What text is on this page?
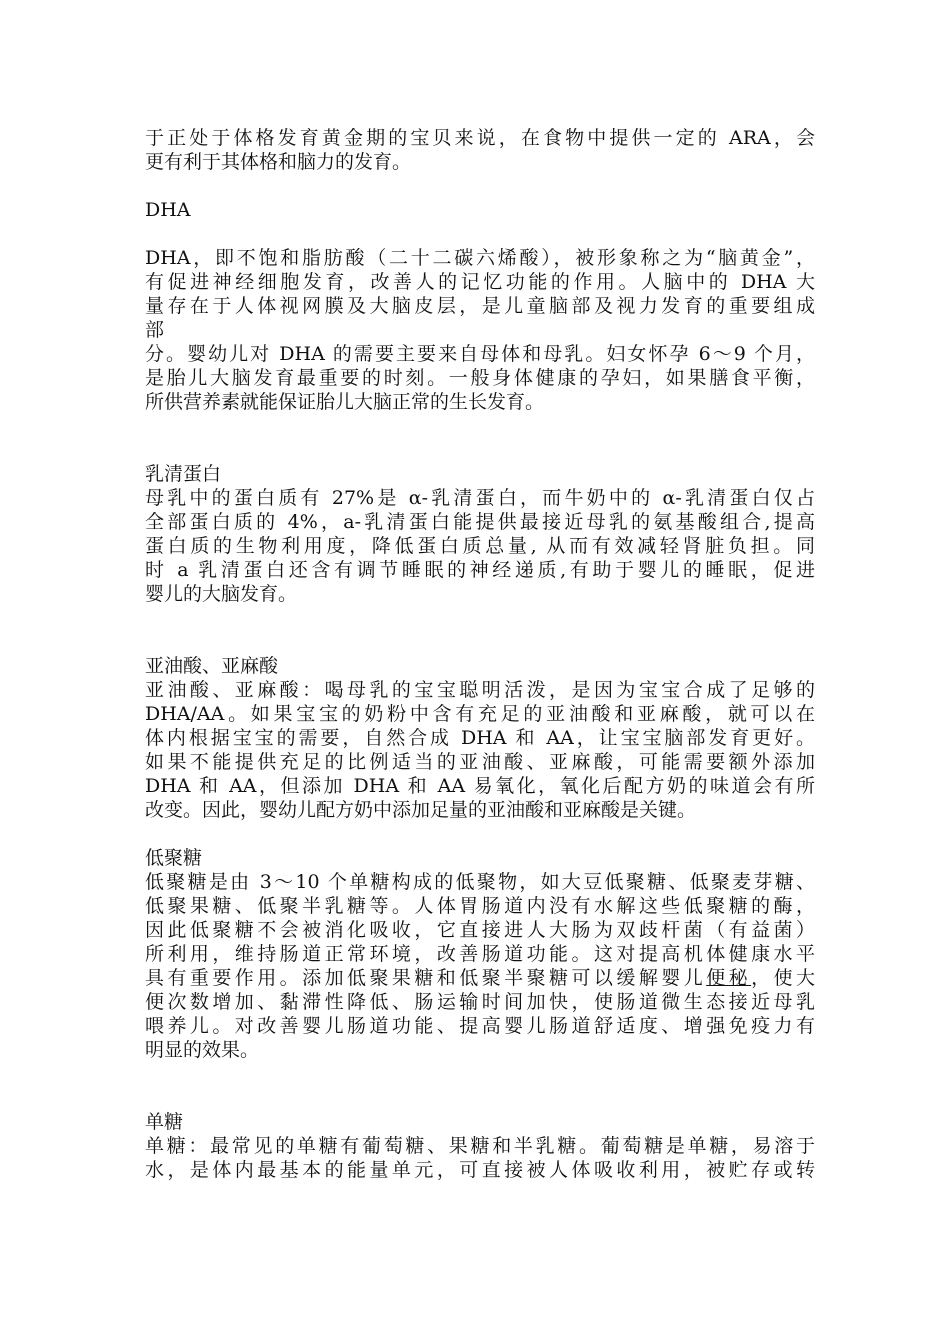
于正处于体格发育黄金期的宝贝来说，在食物中提供一定的 ARA，会
更有利于其体格和脑力的发育。
DHA
DHA，即不饱和脂肪酸（二十二碳六烯酸），被形象称之为“脑黄金”，
有促进神经细胞发育，改善人的记忆功能的作用。人脑中的 DHA 大
量存在于人体视网膜及大脑皮层，是儿童脑部及视力发育的重要组成
部
分。婴幼儿对 DHA 的需要主要来自母体和母乳。妇女怀孕 6～9 个月，
是胎儿大脑发育最重要的时刻。一般身体健康的孕妇，如果膳食平衡，
所供营养素就能保证胎儿大脑正常的生长发育。
乳清蛋白
母乳中的蛋白质有 27%是 α-乳清蛋白，而牛奶中的 α-乳清蛋白仅占
全部蛋白质的 4%，a-乳清蛋白能提供最接近母乳的氨基酸组合,提高
蛋白质的生物利用度，降低蛋白质总量, 从而有效减轻肾脏负担。同
时 a 乳清蛋白还含有调节睡眠的神经递质,有助于婴儿的睡眠，促进
婴儿的大脑发育。
亚油酸、亚麻酸
亚油酸、亚麻酸：喝母乳的宝宝聪明活泼，是因为宝宝合成了足够的
DHA/AA。如果宝宝的奶粉中含有充足的亚油酸和亚麻酸，就可以在
体内根据宝宝的需要，自然合成 DHA 和 AA，让宝宝脑部发育更好。
如果不能提供充足的比例适当的亚油酸、亚麻酸，可能需要额外添加
DHA 和 AA，但添加 DHA 和 AA 易氧化，氧化后配方奶的味道会有所
改变。因此，婴幼儿配方奶中添加足量的亚油酸和亚麻酸是关键。
低聚糖
低聚糖是由 3～10 个单糖构成的低聚物，如大豆低聚糖、低聚麦芽糖、
低聚果糖、低聚半乳糖等。人体胃肠道内没有水解这些低聚糖的酶，
因此低聚糖不会被消化吸收，它直接进人大肠为双歧杆菌（有益菌）
所利用，维持肠道正常环境，改善肠道功能。这对提高机体健康水平
具有重要作用。添加低聚果糖和低聚半聚糖可以缓解婴儿便秘，使大
便次数增加、黏滞性降低、肠运输时间加快，使肠道微生态接近母乳
喂养儿。对改善婴儿肠道功能、提高婴儿肠道舒适度、增强免疫力有
明显的效果。
单糖
单糖：最常见的单糖有葡萄糖、果糖和半乳糖。葡萄糖是单糖，易溶于
水，是体内最基本的能量单元，可直接被人体吸收利用，被贮存或转
